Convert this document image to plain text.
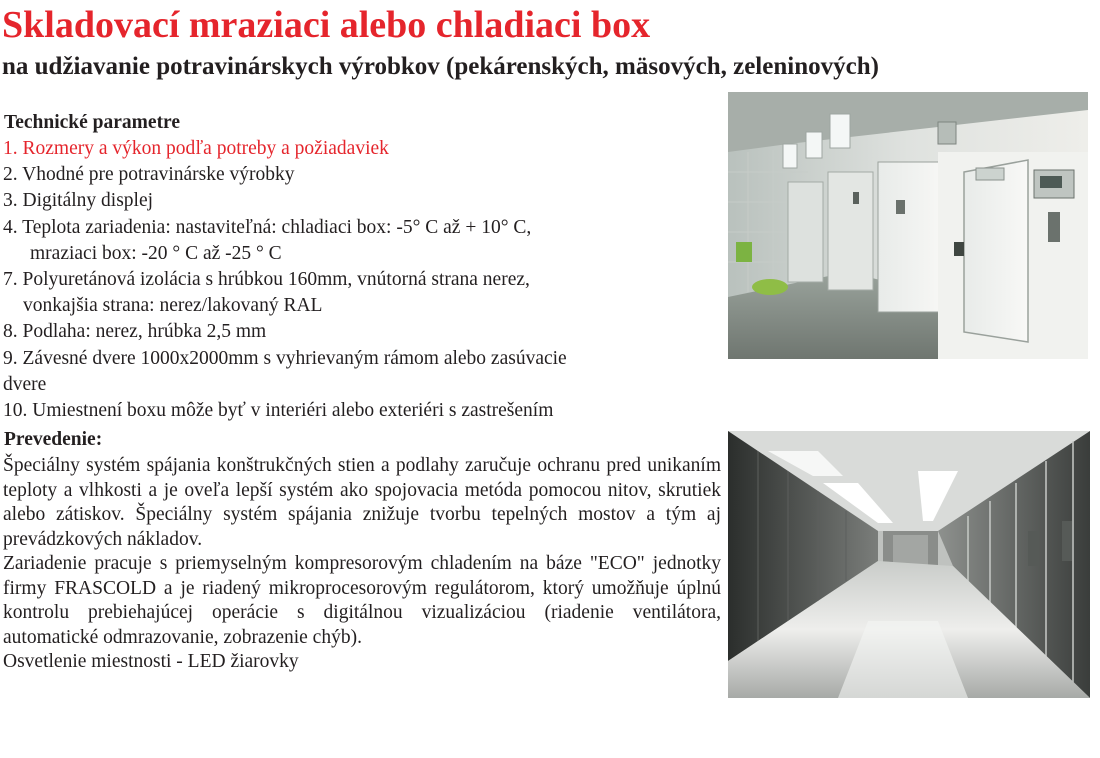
Skladovací mraziaci alebo chladiaci box
na udžiavanie potravinárskych výrobkov (pekárenských, mäsových, zeleninových)
Technické parametre
1. Rozmery a výkon podľa potreby a požiadaviek
2. Vhodné pre potravinárske výrobky
3. Digitálny displej
4. Teplota zariadenia: nastaviteľná: chladiaci box: -5° C až + 10° C,
mraziaci box: -20 ° C až -25 ° C
7. Polyuretánová izolácia s hrúbkou 160mm, vnútorná strana nerez,
vonkajšia strana: nerez/lakovaný RAL
8. Podlaha: nerez, hrúbka 2,5 mm
9. Závesné dvere 1000x2000mm s vyhrievaným rámom alebo zasúvacie
dvere
10. Umiestnení boxu môže byť v interiéri alebo exteriéri s zastrešením
Prevedenie:

Špeciálny systém spájania konštrukčných stien a podlahy zaručuje ochranu pred unikaním teploty a vlhkosti a je oveľa lepší systém ako spojovacia metóda pomocou nitov, skrutiek alebo zátiskov. Špeciálny systém spájania znižuje tvorbu tepelných mostov a tým aj prevádzkových nákladov.

Zariadenie pracuje s priemyselným kompresorovým chladením na báze "ECO" jednotky firmy FRASCOLD a je riadený mikroprocesorovým regulátorom, ktorý umožňuje úplnú kontrolu prebiehajúcej operácie s digitálnou vizualizáciou (riadenie ventilátora, automatické odmrazovanie, zobrazenie chýb).

Osvetlenie miestnosti - LED žiarovky
